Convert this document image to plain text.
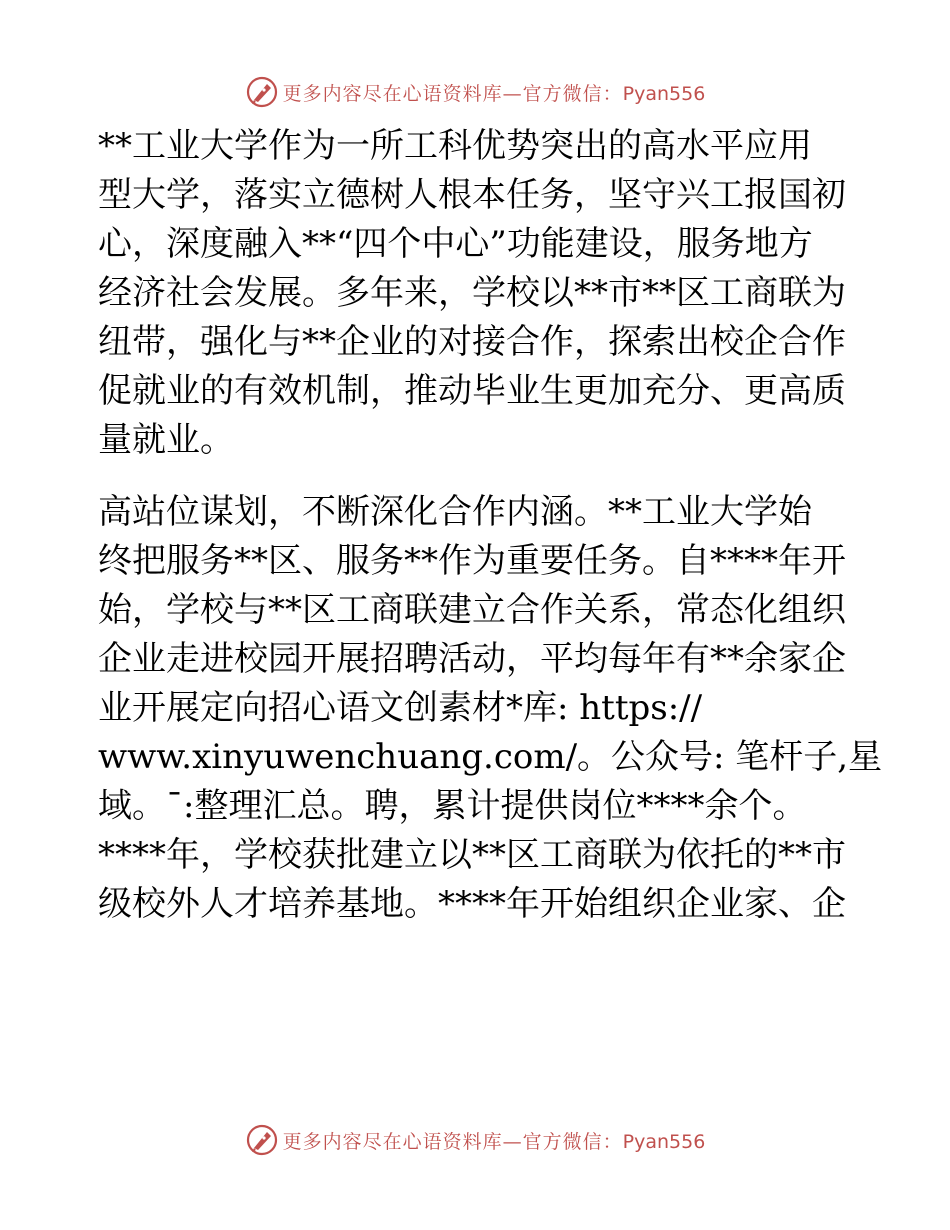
更多内容尽在心语资料库—官方微信：Pyan556
**工业大学作为一所工科优势突出的高水平应用
型大学，落实立德树人根本任务，坚守兴工报国初
心，深度融入**“四个中心”功能建设，服务地方
经济社会发展。多年来，学校以**市**区工商联为
纽带，强化与**企业的对接合作，探索出校企合作
促就业的有效机制，推动毕业生更加充分、更高质
量就业。
高站位谋划，不断深化合作内涵。**工业大学始
终把服务**区、服务**作为重要任务。自****年开
始，学校与**区工商联建立合作关系，常态化组织
企业走进校园开展招聘活动，平均每年有**余家企
业开展定向招心语文创素材*库: https://
www.xinyuwenchuang.com/。公众号: 笔杆子,星
域。¯:整理汇总。聘，累计提供岗位****余个。
****年，学校获批建立以**区工商联为依托的**市
级校外人才培养基地。****年开始组织企业家、企
更多内容尽在心语资料库—官方微信：Pyan556
